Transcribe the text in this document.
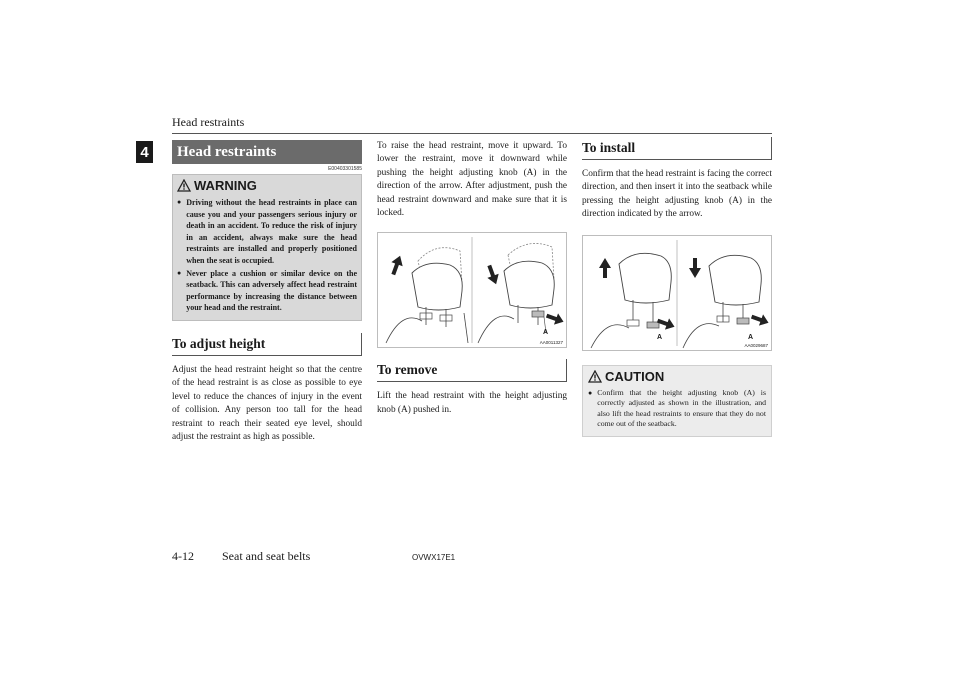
Head restraints
4	Head restraints
E00403301585
WARNING
● Driving without the head restraints in place can cause you and your passengers serious injury or death in an accident. To reduce the risk of injury in an accident, always make sure the head restraints are installed and properly positioned when the seat is occupied.
● Never place a cushion or similar device on the seatback. This can adversely affect head restraint performance by increasing the distance between your head and the restraint.
To adjust height
Adjust the head restraint height so that the centre of the head restraint is as close as possible to eye level to reduce the chances of injury in the event of collision. Any person too tall for the head restraint to reach their seated eye level, should adjust the restraint as high as possible.
To raise the head restraint, move it upward. To lower the restraint, move it downward while pushing the height adjusting knob (A) in the direction of the arrow. After adjustment, push the head restraint downward and make sure that it is locked.
A
AA0011327
To remove
Lift the head restraint with the height adjusting knob (A) pushed in.
To install
Confirm that the head restraint is facing the correct direction, and then insert it into the seatback while pressing the height adjusting knob (A) in the direction indicated by the arrow.
A	A
AA0029687
CAUTION
● Confirm that the height adjusting knob (A) is correctly adjusted as shown in the illustration, and also lift the head restraints to ensure that they do not come out of the seatback.
4-12 Seat and seat belts	OVWX17E1
